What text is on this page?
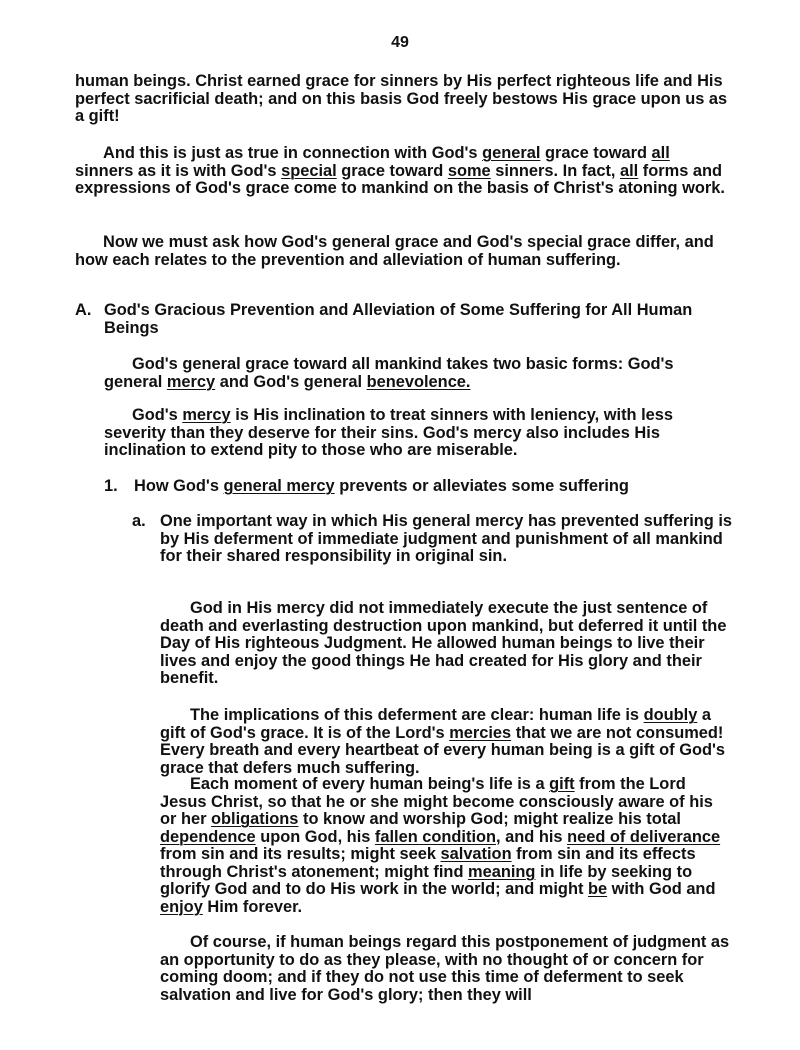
49
human beings. Christ earned grace for sinners by His perfect righteous life and His perfect sacrificial death; and on this basis God freely bestows His grace upon us as a gift!
And this is just as true in connection with God's general grace toward all sinners as it is with God's special grace toward some sinners. In fact, all forms and expressions of God's grace come to mankind on the basis of Christ's atoning work.
Now we must ask how God's general grace and God's special grace differ, and how each relates to the prevention and alleviation of human suffering.
A. God's Gracious Prevention and Alleviation of Some Suffering for All Human Beings
God's general grace toward all mankind takes two basic forms: God's general mercy and God's general benevolence.
God's mercy is His inclination to treat sinners with leniency, with less severity than they deserve for their sins. God's mercy also includes His inclination to extend pity to those who are miserable.
1. How God's general mercy prevents or alleviates some suffering
a. One important way in which His general mercy has prevented suffering is by His deferment of immediate judgment and punishment of all mankind for their shared responsibility in original sin.
God in His mercy did not immediately execute the just sentence of death and everlasting destruction upon mankind, but deferred it until the Day of His righteous Judgment. He allowed human beings to live their lives and enjoy the good things He had created for His glory and their benefit.
The implications of this deferment are clear: human life is doubly a gift of God's grace. It is of the Lord's mercies that we are not consumed! Every breath and every heartbeat of every human being is a gift of God's grace that defers much suffering.
Each moment of every human being's life is a gift from the Lord Jesus Christ, so that he or she might become consciously aware of his or her obligations to know and worship God; might realize his total dependence upon God, his fallen condition, and his need of deliverance from sin and its results; might seek salvation from sin and its effects through Christ's atonement; might find meaning in life by seeking to glorify God and to do His work in the world; and might be with God and enjoy Him forever.
Of course, if human beings regard this postponement of judgment as an opportunity to do as they please, with no thought of or concern for coming doom; and if they do not use this time of deferment to seek salvation and live for God's glory; then they will
